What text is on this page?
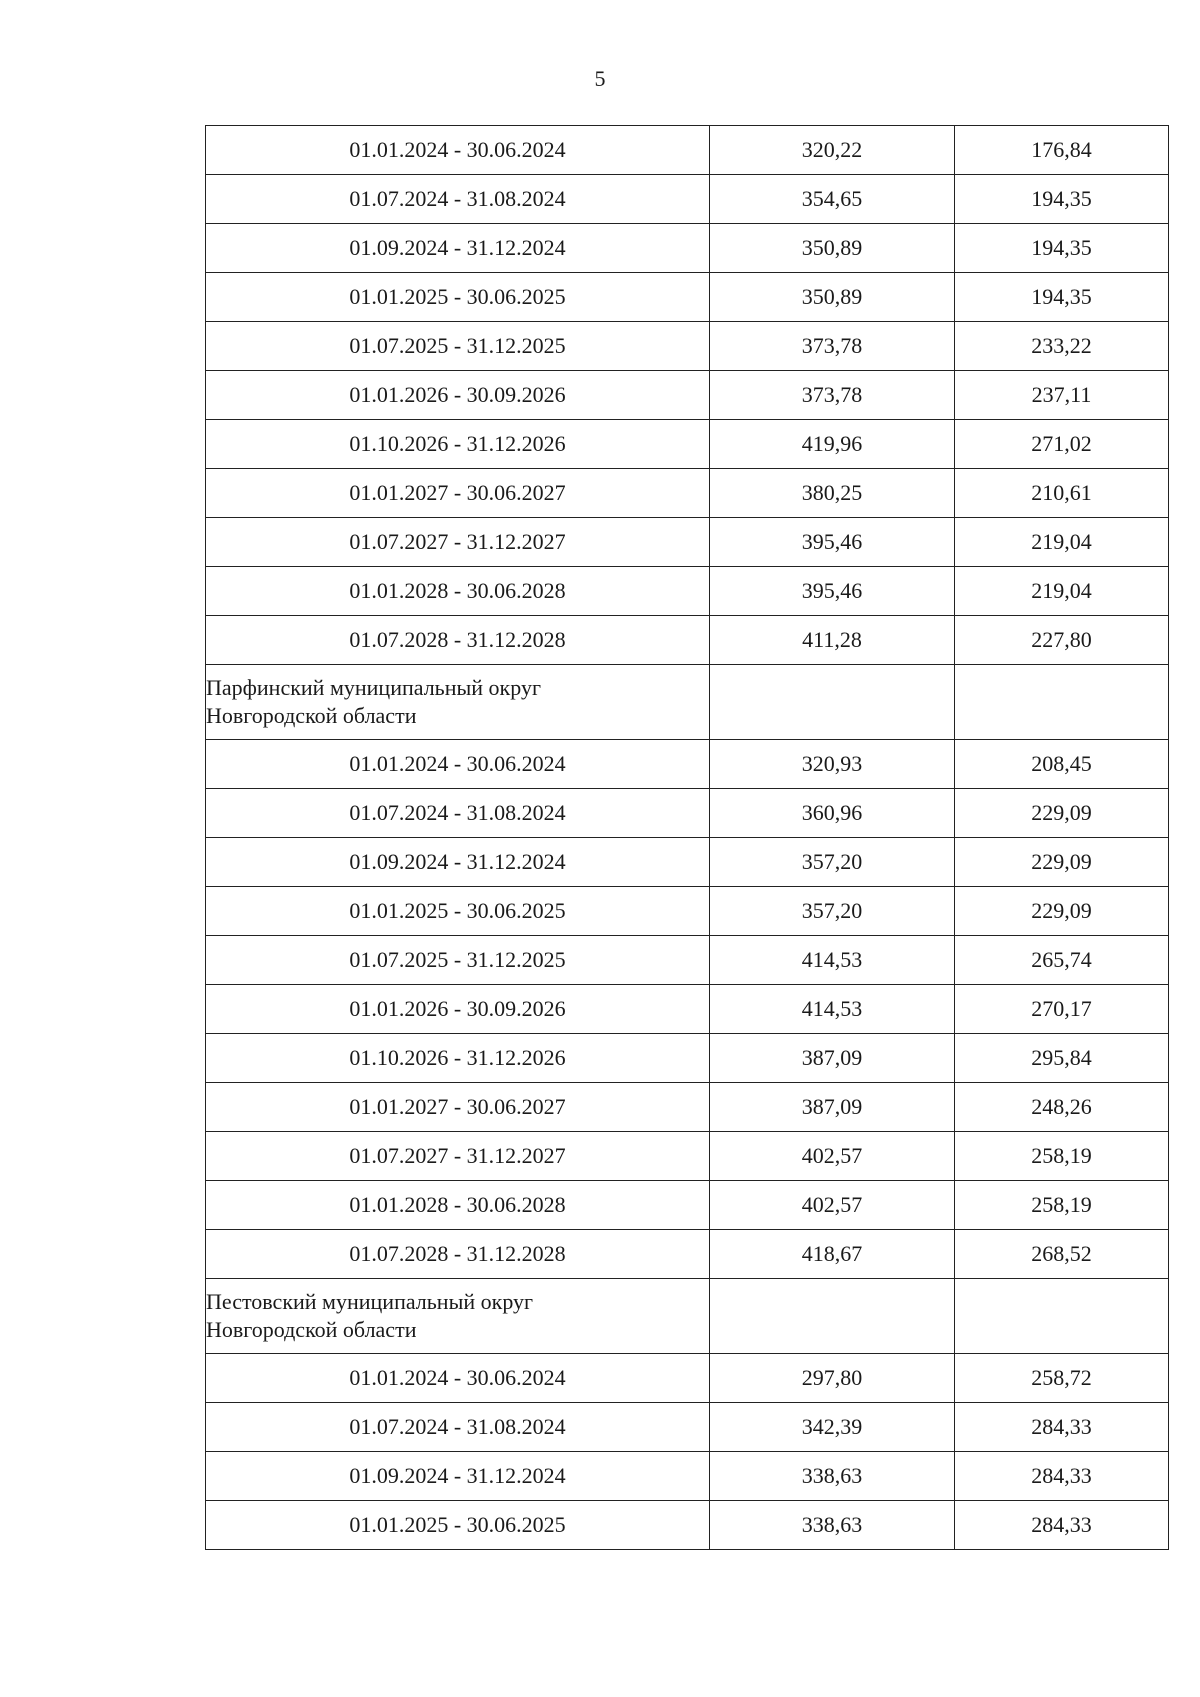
5
01.01.2024 - 30.06.2024	320,22	176,84
01.07.2024 - 31.08.2024	354,65	194,35
01.09.2024 - 31.12.2024	350,89	194,35
01.01.2025 - 30.06.2025	350,89	194,35
01.07.2025 - 31.12.2025	373,78	233,22
01.01.2026 - 30.09.2026	373,78	237,11
01.10.2026 - 31.12.2026	419,96	271,02
01.01.2027 - 30.06.2027	380,25	210,61
01.07.2027 - 31.12.2027	395,46	219,04
01.01.2028 - 30.06.2028	395,46	219,04
01.07.2028 - 31.12.2028	411,28	227,80
Парфинский муниципальный округ
Новгородской области		
01.01.2024 - 30.06.2024	320,93	208,45
01.07.2024 - 31.08.2024	360,96	229,09
01.09.2024 - 31.12.2024	357,20	229,09
01.01.2025 - 30.06.2025	357,20	229,09
01.07.2025 - 31.12.2025	414,53	265,74
01.01.2026 - 30.09.2026	414,53	270,17
01.10.2026 - 31.12.2026	387,09	295,84
01.01.2027 - 30.06.2027	387,09	248,26
01.07.2027 - 31.12.2027	402,57	258,19
01.01.2028 - 30.06.2028	402,57	258,19
01.07.2028 - 31.12.2028	418,67	268,52
Пестовский муниципальный округ
Новгородской области		
01.01.2024 - 30.06.2024	297,80	258,72
01.07.2024 - 31.08.2024	342,39	284,33
01.09.2024 - 31.12.2024	338,63	284,33
01.01.2025 - 30.06.2025	338,63	284,33
